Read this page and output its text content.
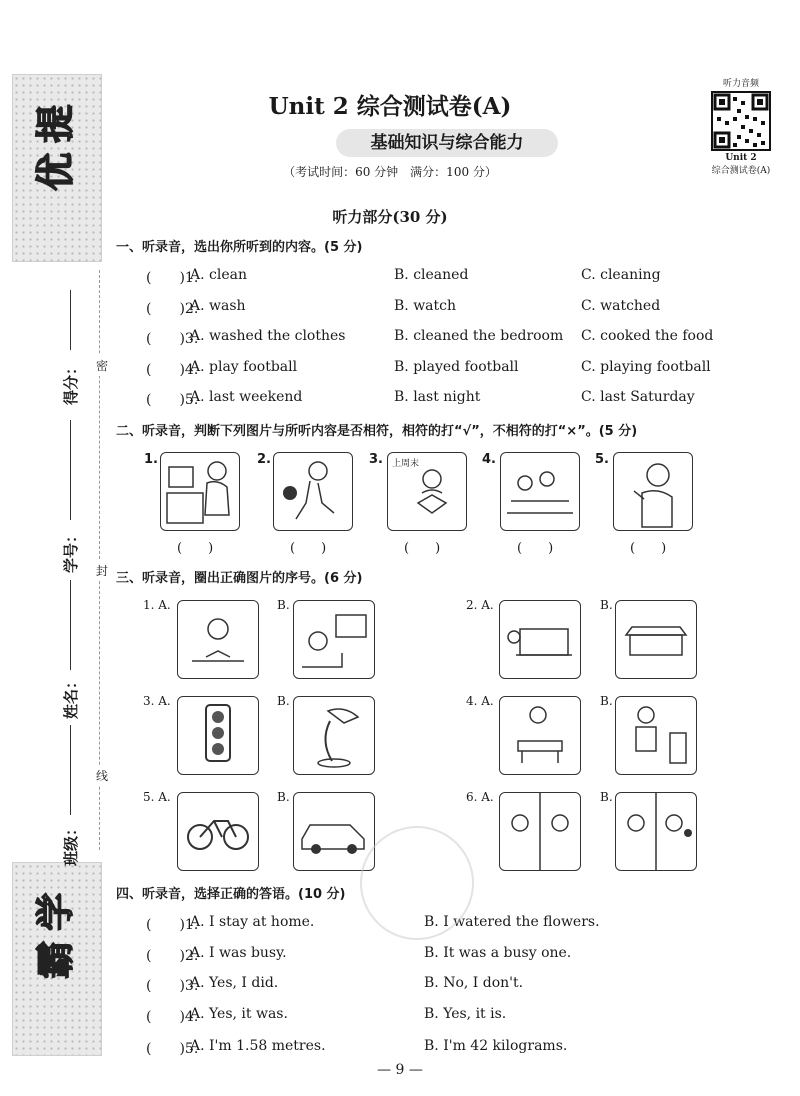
提
优
学
霸
得分：
学号：
姓名：
班级：
密
封
线
Unit 2 综合测试卷(A)
基础知识与综合能力
（考试时间：60 分钟　满分：100 分）
听力音频
Unit 2
综合测试卷(A)
听力部分(30 分)
一、听录音，选出你所听到的内容。(5 分)
(　　)1.
A. clean	B. cleaned	C. cleaning
(　　)2.
A. wash	B. watch	C. watched
(　　)3.
A. washed the clothes	B. cleaned the bedroom C. cooked the food
(　　)4.
A. play football	B. played football	C. playing football
(　　)5.
A. last weekend	B. last night	C. last Saturday
二、听录音，判断下列图片与所听内容是否相符，相符的打“√”，不相符的打“×”。(5 分)
1.
(　　)
2.
(　　)
3. 上周末
(　　)
4.
(　　)
5.
(　　)
三、听录音，圈出正确图片的序号。(6 分)
1. A.	B.	2. A.	B.
3. A.	B.	4. A.	B.
5. A.	B.	6. A.	B.
四、听录音，选择正确的答语。(10 分)
(　　)1.
A. I stay at home.	B. I watered the flowers.
(　　)2.
A. I was busy.	B. It was a busy one.
(　　)3.
A. Yes, I did.	B. No, I don't.
(　　)4.
A. Yes, it was.	B. Yes, it is.
(　　)5.
A. I'm 1.58 metres.	B. I'm 42 kilograms.
— 9 —
